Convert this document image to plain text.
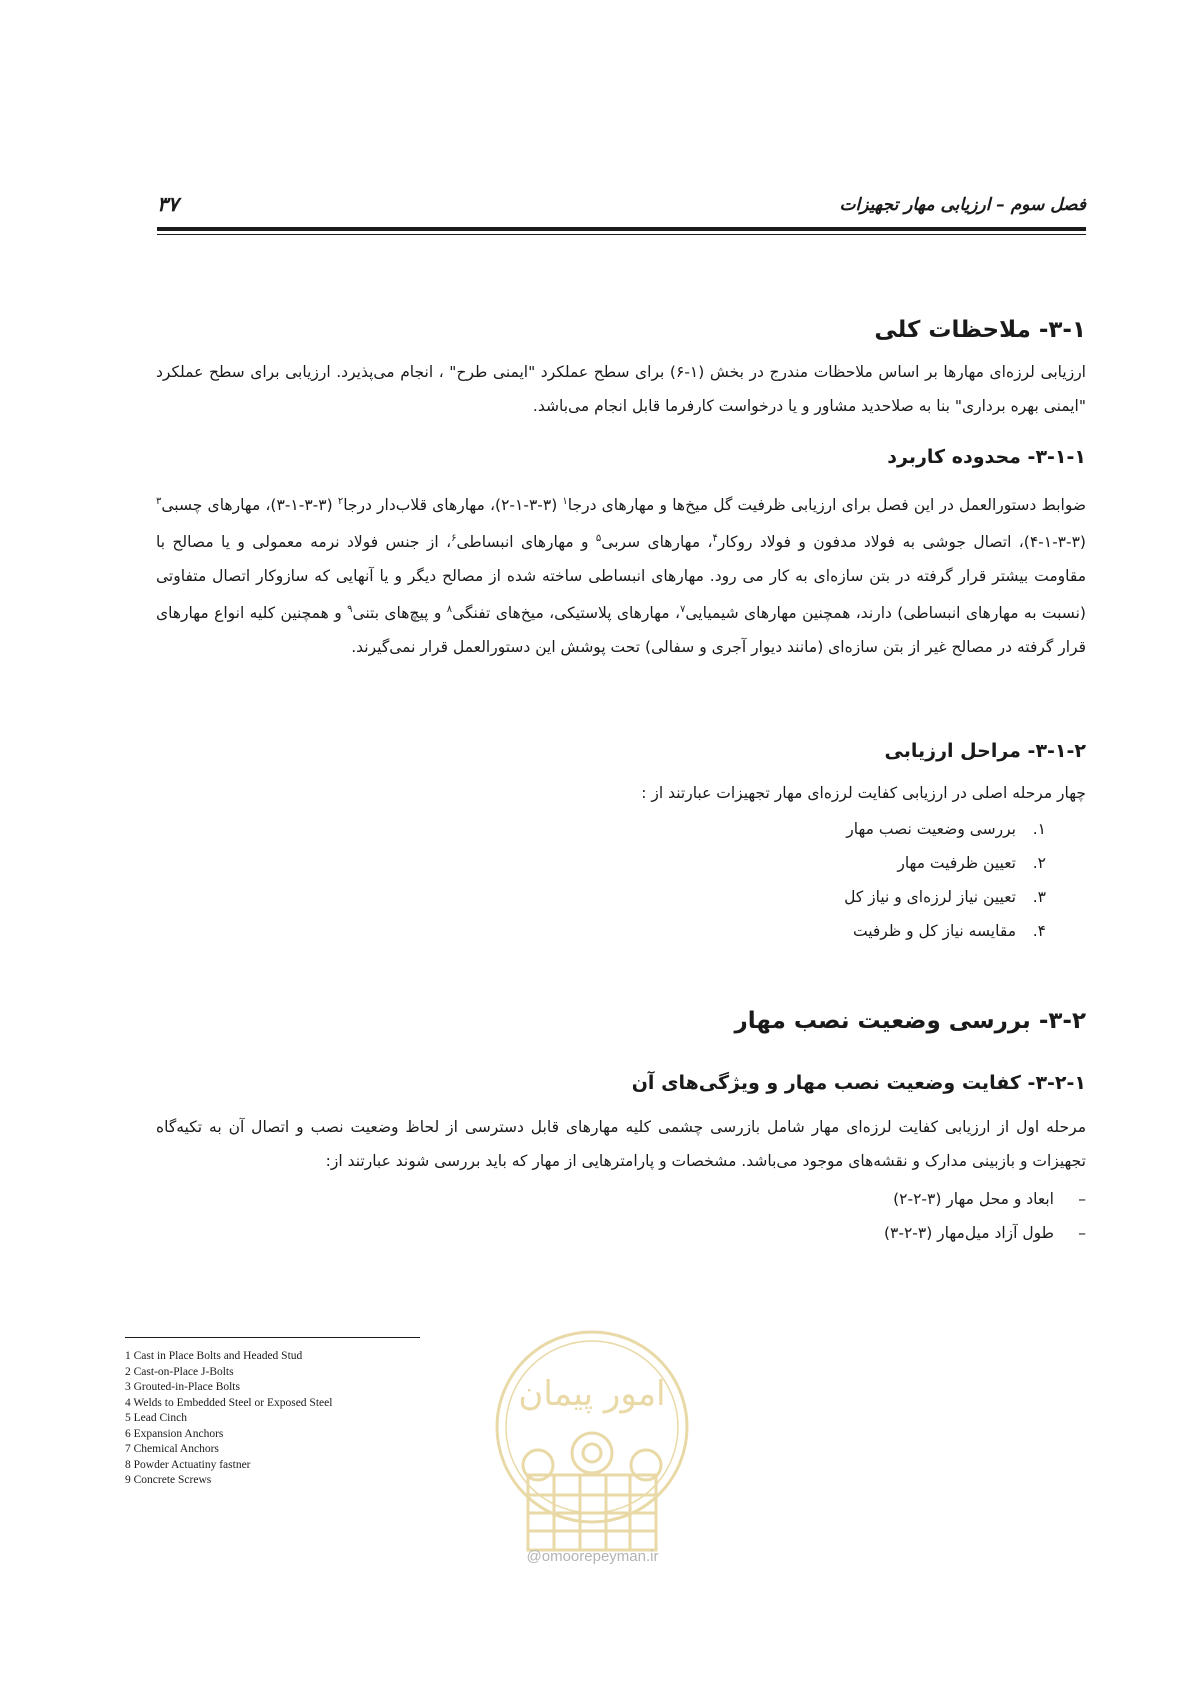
فصل سوم – ارزیابی مهار تجهیزات
۳۷
۳-۱- ملاحظات کلی
ارزیابی لرزه‌ای مهارها بر اساس ملاحظات مندرج در بخش (۱-۶) برای سطح عملکرد "ایمنی طرح" ، انجام می‌پذیرد. ارزیابی برای سطح عملکرد "ایمنی بهره برداری" بنا به صلاحدید مشاور و یا درخواست کارفرما قابل انجام می‌باشد.
۳-۱-۱- محدوده کاربرد
ضوابط دستورالعمل در این فصل برای ارزیابی ظرفیت گل میخ‌ها و مهارهای درجا$^۱$ (۳-۳-۱-۲)، مهارهای قلاب‌دار درجا$^۲$ (۳-۳-۱-۳)، مهارهای چسبی$^۳$ (۳-۳-۱-۴)، اتصال جوشی به فولاد مدفون و فولاد روکار$^۴$، مهارهای سربی$^۵$ و مهارهای انبساطی$^۶$، از جنس فولاد نرمه معمولی و یا مصالح با مقاومت بیشتر قرار گرفته در بتن سازه‌ای به کار می رود. مهارهای انبساطی ساخته شده از مصالح دیگر و یا آنهایی که سازوکار اتصال متفاوتی (نسبت به مهارهای انبساطی) دارند، همچنین مهارهای شیمیایی$^۷$، مهارهای پلاستیکی، میخ‌های تفنگی$^۸$ و پیچ‌های بتنی$^۹$ و همچنین کلیه انواع مهارهای قرار گرفته در مصالح غیر از بتن سازه‌ای (مانند دیوار آجری و سفالی) تحت پوشش این دستورالعمل قرار نمی‌گیرند.
۳-۱-۲- مراحل ارزیابی
چهار مرحله اصلی در ارزیابی کفایت لرزه‌ای مهار تجهیزات عبارتند از :
۱.بررسی وضعیت نصب مهار
۲.تعیین ظرفیت مهار
۳.تعیین نیاز لرزه‌ای و نیاز کل
۴.مقایسه نیاز کل و ظرفیت
۳-۲- بررسی وضعیت نصب مهار
۳-۲-۱- کفایت وضعیت نصب مهار و ویژگی‌های آن
مرحله اول از ارزیابی کفایت لرزه‌ای مهار شامل بازرسی چشمی کلیه مهارهای قابل دسترسی از لحاظ وضعیت نصب و اتصال آن به تکیه‌گاه تجهیزات و بازبینی مدارک و نقشه‌های موجود می‌باشد. مشخصات و پارامترهایی از مهار که باید بررسی شوند عبارتند از:
–ابعاد و محل مهار (۳-۲-۲)
–طول آزاد میل‌مهار (۳-۲-۳)
1 Cast in Place Bolts and Headed Stud
2 Cast-on-Place J-Bolts
3 Grouted-in-Place Bolts
4 Welds to Embedded Steel or Exposed Steel
5 Lead Cinch
6 Expansion Anchors
7 Chemical Anchors
8 Powder Actuatiny fastner
9 Concrete Screws
امور پیمان
@omoorepeyman.ir
